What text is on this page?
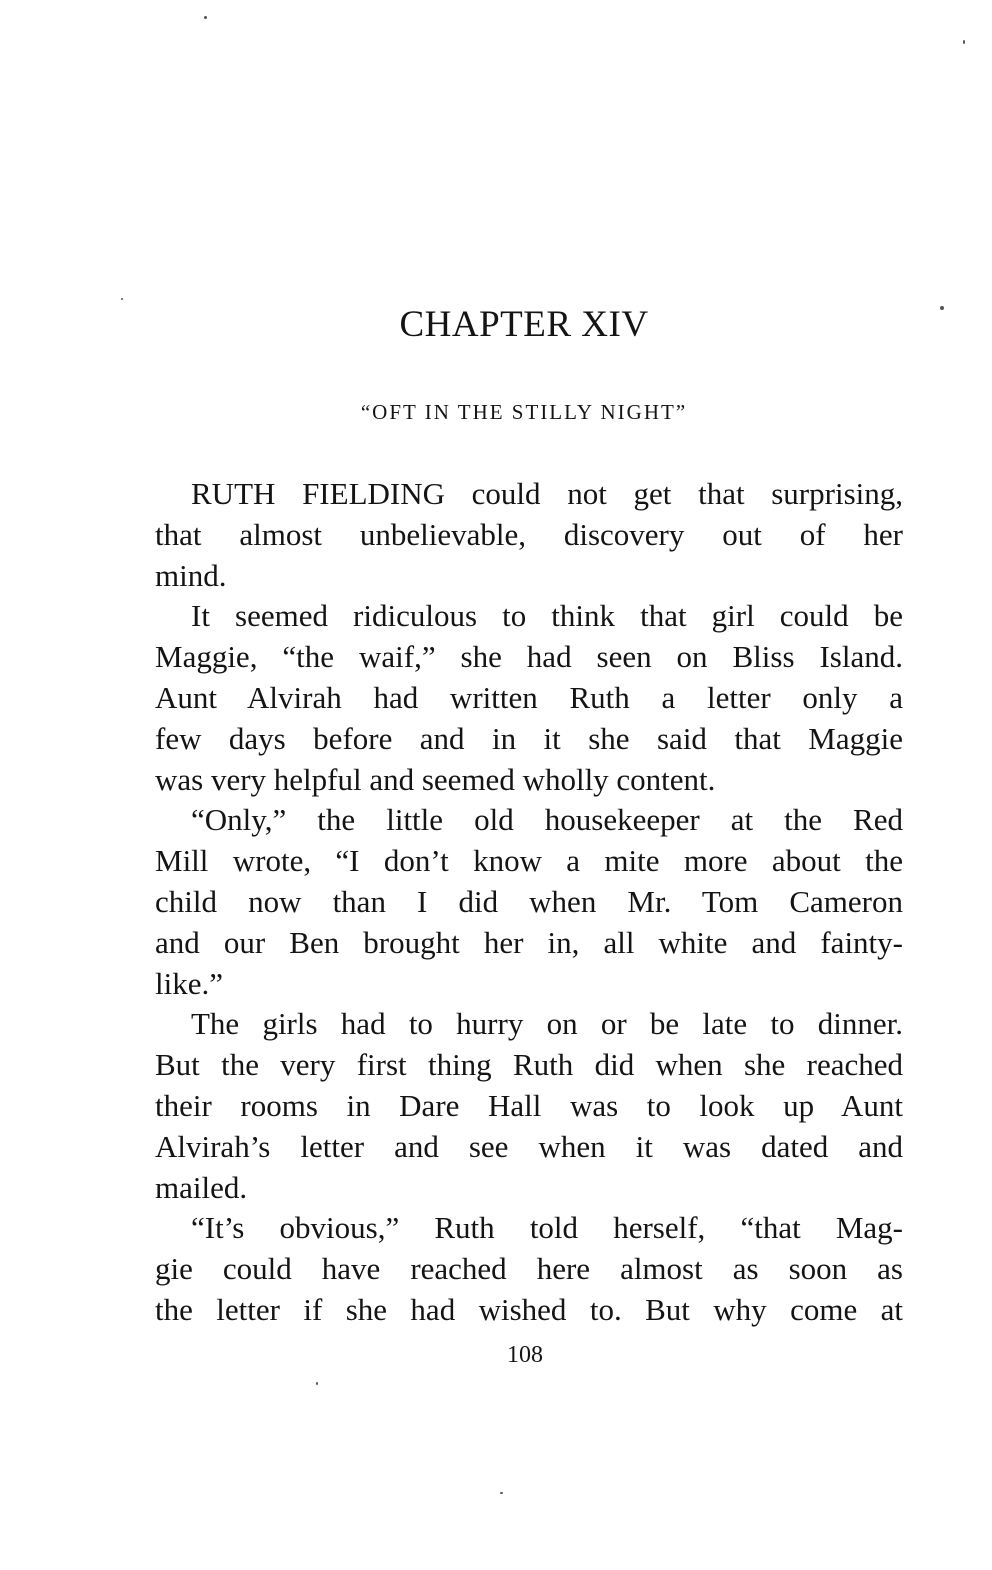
CHAPTER XIV
“OFT IN THE STILLY NIGHT”
RUTH FIELDING could not get that surprising,
that almost unbelievable, discovery out of her
mind.
It seemed ridiculous to think that girl could be
Maggie, “the waif,” she had seen on Bliss Island.
Aunt Alvirah had written Ruth a letter only a
few days before and in it she said that Maggie
was very helpful and seemed wholly content.
“Only,” the little old housekeeper at the Red
Mill wrote, “I don’t know a mite more about the
child now than I did when Mr. Tom Cameron
and our Ben brought her in, all white and fainty-
like.”
The girls had to hurry on or be late to dinner.
But the very first thing Ruth did when she reached
their rooms in Dare Hall was to look up Aunt
Alvirah’s letter and see when it was dated and
mailed.
“It’s obvious,” Ruth told herself, “that Mag-
gie could have reached here almost as soon as
the letter if she had wished to. But why come at
108
